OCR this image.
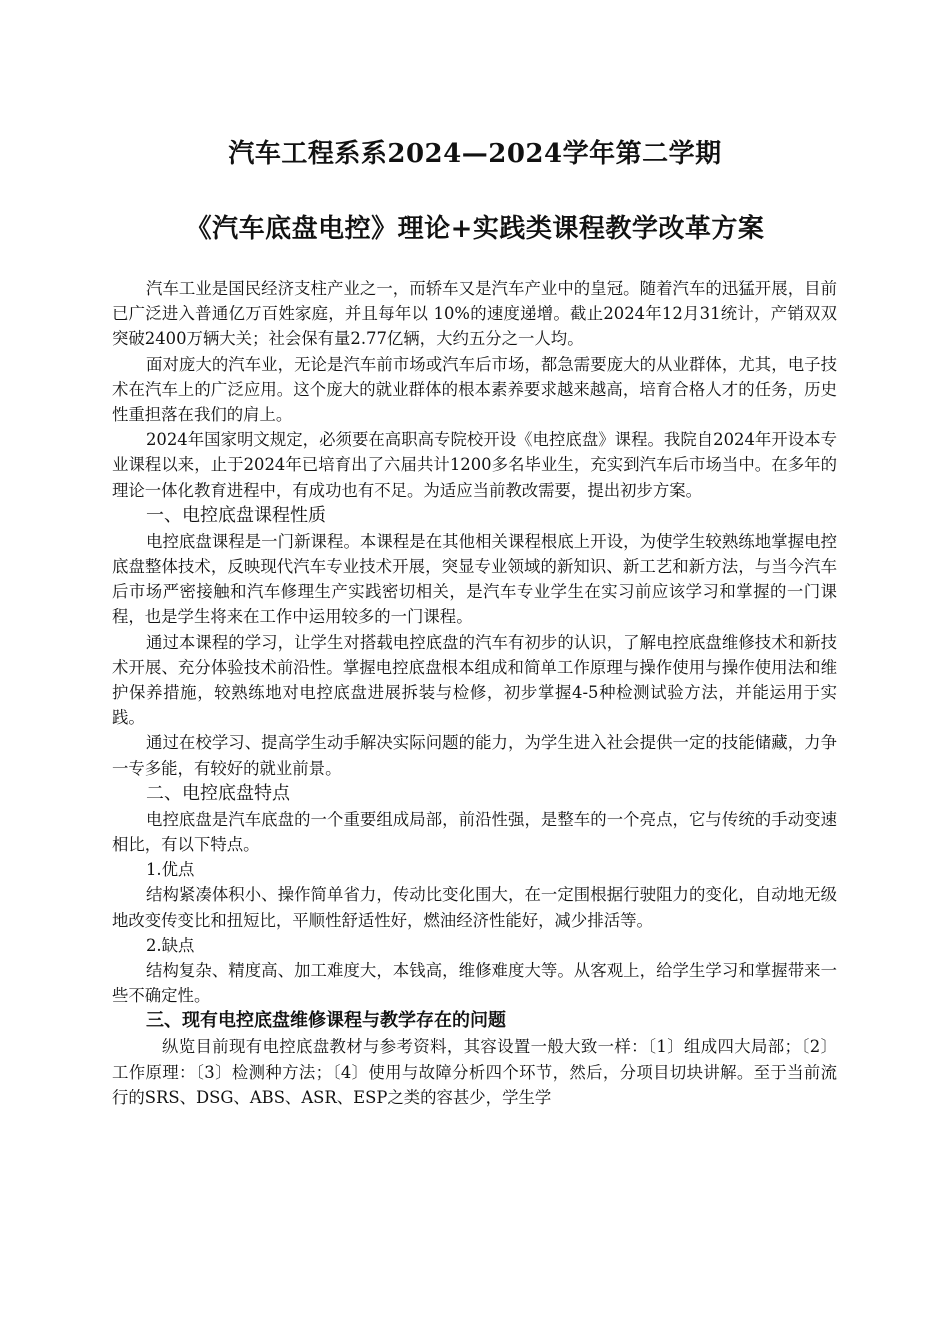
汽车工程系系2024—2024学年第二学期
《汽车底盘电控》理论+实践类课程教学改革方案

汽车工业是国民经济支柱产业之一，而轿车又是汽车产业中的皇冠。随着汽车的迅猛开展，目前已广泛进入普通亿万百姓家庭，并且每年以 10%的速度递增。截止2024年12月31统计，产销双双突破2400万辆大关；社会保有量2.77亿辆，大约五分之一人均。

面对庞大的汽车业，无论是汽车前市场或汽车后市场，都急需要庞大的从业群体，尤其，电子技术在汽车上的广泛应用。这个庞大的就业群体的根本素养要求越来越高，培育合格人才的任务，历史性重担落在我们的肩上。

2024年国家明文规定，必须要在高职高专院校开设《电控底盘》课程。我院自2024年开设本专业课程以来，止于2024年已培育出了六届共计1200多名毕业生，充实到汽车后市场当中。在多年的理论一体化教育进程中，有成功也有不足。为适应当前教改需要，提出初步方案。

一、电控底盘课程性质

电控底盘课程是一门新课程。本课程是在其他相关课程根底上开设，为使学生较熟练地掌握电控底盘整体技术，反映现代汽车专业技术开展，突显专业领域的新知识、新工艺和新方法，与当今汽车后市场严密接触和汽车修理生产实践密切相关，是汽车专业学生在实习前应该学习和掌握的一门课程，也是学生将来在工作中运用较多的一门课程。

通过本课程的学习，让学生对搭载电控底盘的汽车有初步的认识，了解电控底盘维修技术和新技术开展、充分体验技术前沿性。掌握电控底盘根本组成和简单工作原理与操作使用与操作使用法和维护保养措施，较熟练地对电控底盘进展拆装与检修，初步掌握4-5种检测试验方法，并能运用于实践。

通过在校学习、提高学生动手解决实际问题的能力，为学生进入社会提供一定的技能储藏，力争一专多能，有较好的就业前景。

二、电控底盘特点

电控底盘是汽车底盘的一个重要组成局部，前沿性强，是整车的一个亮点，它与传统的手动变速相比，有以下特点。

1.优点

结构紧凑体积小、操作简单省力，传动比变化围大，在一定围根据行驶阻力的变化，自动地无级地改变传变比和扭短比，平顺性舒适性好，燃油经济性能好，减少排活等。

2.缺点

结构复杂、精度高、加工难度大，本钱高，维修难度大等。从客观上，给学生学习和掌握带来一些不确定性。

三、现有电控底盘维修课程与教学存在的问题

纵览目前现有电控底盘教材与参考资料，其容设置一般大致一样：〔1〕组成四大局部；〔2〕工作原理：〔3〕检测种方法；〔4〕使用与故障分析四个环节，然后，分项目切块讲解。至于当前流行的SRS、DSG、ABS、ASR、ESP之类的容甚少，学生学
